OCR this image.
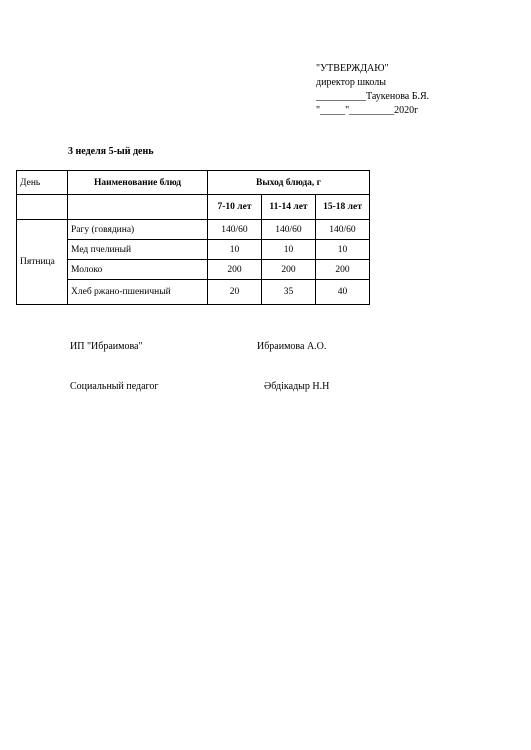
"УТВЕРЖДАЮ"
директор школы
__________Таукенова Б.Я.
"_____"_________2020г
3 неделя 5-ый день
День	Наименование блюд	Выход блюда, г		
		7-10 лет	11-14 лет	15-18 лет
Пятница	Рагу (говядина)	140/60	140/60	140/60
	Мед пчелиный	10	10	10
	Молоко	200	200	200
	Хлеб ржано-пшеничный	20	35	40
ИП "Ибраимова"	Ибраимова А.О.
Социальный педагог	Әбдікадыр Н.Н
